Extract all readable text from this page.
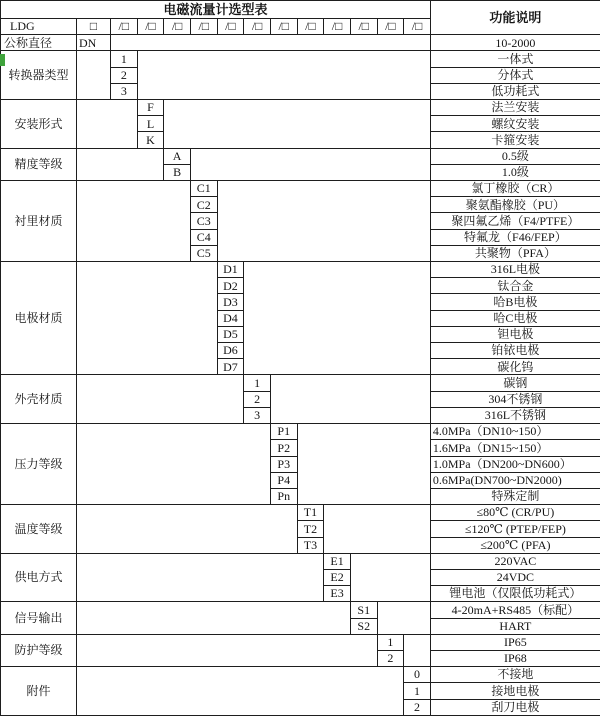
电磁流量计选型表														功能说明
LDG	□	/□	/□	/□	/□	/□	/□	/□	/□	/□	/□	/□	/□	
公称直径	DN													10-2000
转换器类型		1												一体式
		2												分体式
		3												低功耗式
安装形式			F											法兰安装
			L											螺纹安装
			K											卡箍安装
精度等级				A										0.5级
				B										1.0级
衬里材质					C1									氯丁橡胶（CR）
					C2									聚氨酯橡胶（PU）
					C3									聚四氟乙烯（F4/PTFE）
					C4									特氟龙（F46/FEP）
					C5									共聚物（PFA）
电极材质						D1								316L电极
						D2								钛合金
						D3								哈B电极
						D4								哈C电极
						D5								钽电极
						D6								铂铱电极
						D7								碳化钨
外壳材质							1							碳钢
							2							304不锈钢
							3							316L不锈钢
压力等级								P1						4.0MPa（DN10~150）
								P2						1.6MPa（DN15~150）
								P3						1.0MPa（DN200~DN600）
								P4						0.6MPa(DN700~DN2000)
								Pn						特殊定制
温度等级									T1					≤80℃ (CR/PU)
									T2					≤120℃ (PTEP/FEP)
									T3					≤200℃ (PFA)
供电方式										E1				220VAC
										E2				24VDC
										E3				锂电池（仅限低功耗式）
信号输出											S1			4-20mA+RS485（标配）
											S2			HART
防护等级												1		IP65
												2		IP68
附件													0	不接地
													1	接地电极
													2	刮刀电极
